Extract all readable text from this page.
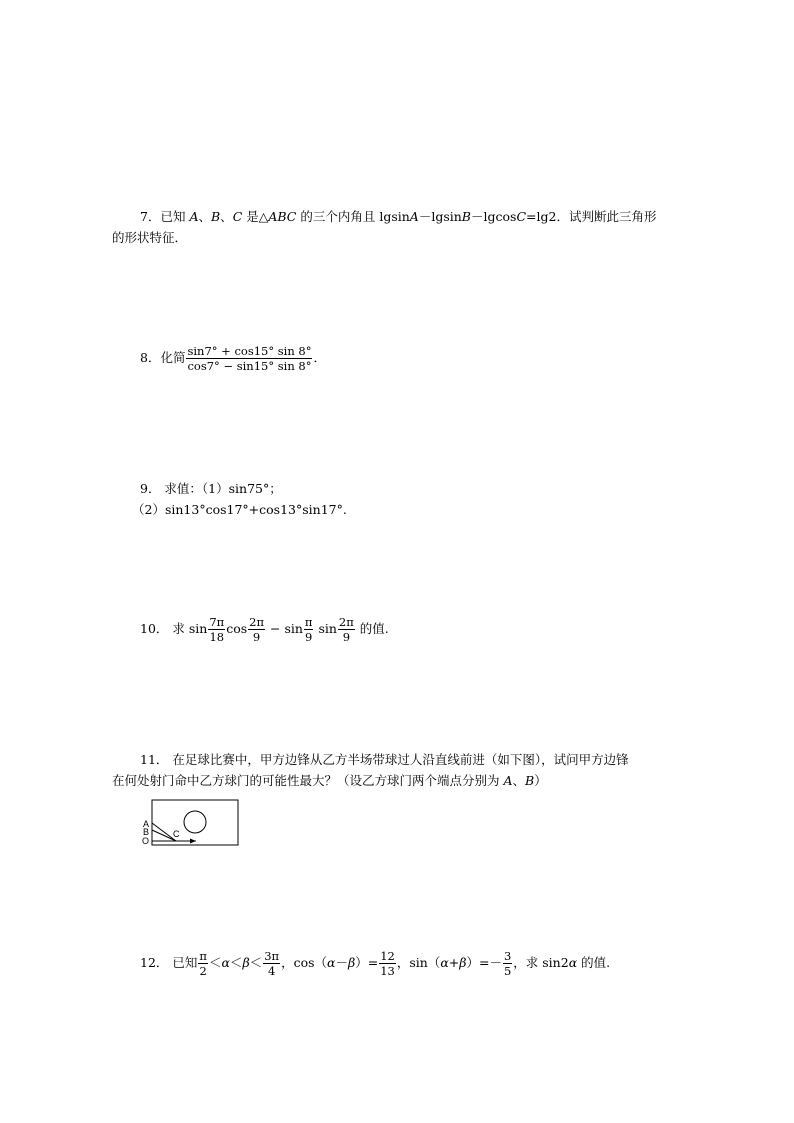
7．已知 A、B、C 是△ABC 的三个内角且 lgsinA－lgsinB－lgcosC=lg2．试判断此三角形
的形状特征．
8．化简 $\frac{\sin 7^\circ + \cos 15^\circ \sin 8^\circ}{\cos 7^\circ - \sin 15^\circ \sin 8^\circ}$ ．
9． 求值：（1）sin75°；
（2）sin13°cos17°+cos13°sin17°.
10． 求 $\sin \frac{7\pi}{18}$ $\cos \frac{2\pi}{9} - \sin \frac{\pi}{9}$ $\sin \frac{2\pi}{9}$ 的值.
11． 在足球比赛中，甲方边锋从乙方半场带球过人沿直线前进（如下图），试问甲方边锋
在何处射门命中乙方球门的可能性最大？（设乙方球门两个端点分别为 A、B）
A
B
O
C
12． 已知 $\frac{\pi}{2} <\alpha<\beta< \frac{3\pi}{4}$ ，$\cos(\alpha-\beta)= \frac{12}{13}$ ，$\sin(\alpha+\beta)=- \frac{3}{5}$ ，求 sin2α 的值.
